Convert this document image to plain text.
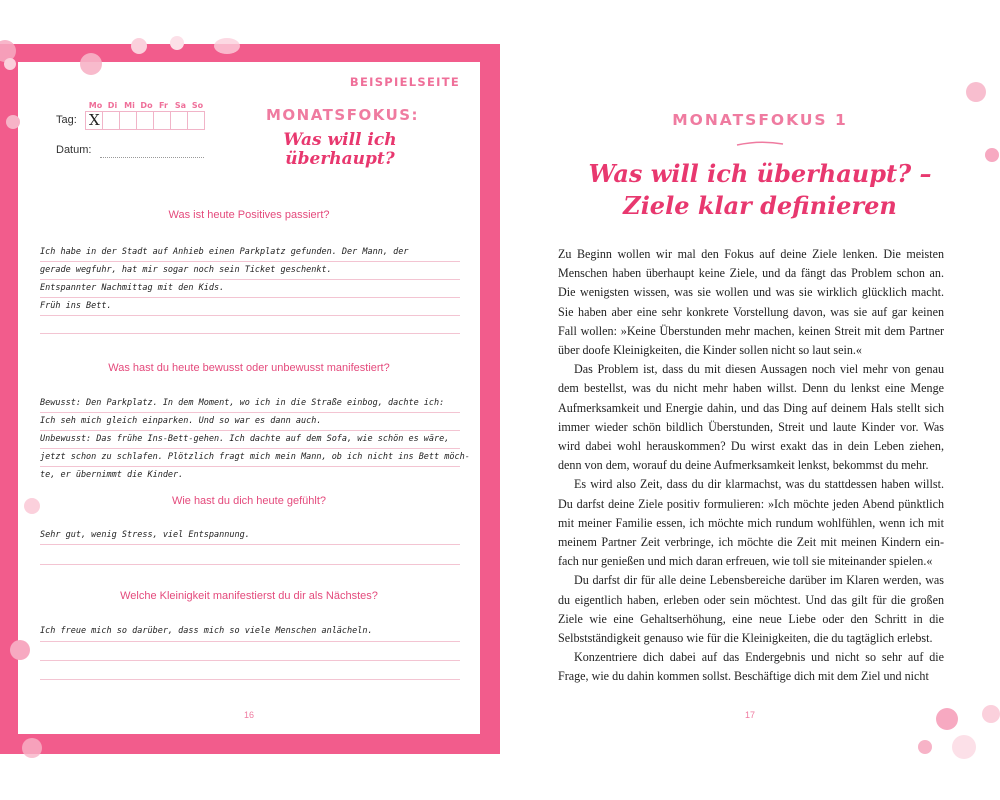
BEISPIELSEITE
Mo Di Mi Do Fr Sa So
Tag:
X
Datum:
MONATSFOKUS:
Was will ich
überhaupt?
Was ist heute Positives passiert?
Ich habe in der Stadt auf Anhieb einen Parkplatz gefunden. Der Mann, der
gerade wegfuhr, hat mir sogar noch sein Ticket geschenkt.
Entspannter Nachmittag mit den Kids.
Früh ins Bett.
Was hast du heute bewusst oder unbewusst manifestiert?
Bewusst: Den Parkplatz. In dem Moment, wo ich in die Straße einbog, dachte ich:
Ich seh mich gleich einparken. Und so war es dann auch.
Unbewusst: Das frühe Ins-Bett-gehen. Ich dachte auf dem Sofa, wie schön es wäre,
jetzt schon zu schlafen. Plötzlich fragt mich mein Mann, ob ich nicht ins Bett möch-
te, er übernimmt die Kinder.
Wie hast du dich heute gefühlt?
Sehr gut, wenig Stress, viel Entspannung.
Welche Kleinigkeit manifestierst du dir als Nächstes?
Ich freue mich so darüber, dass mich so viele Menschen anlächeln.
16
MONATSFOKUS 1
Was will ich überhaupt? –
Ziele klar definieren

Zu Beginn wollen wir mal den Fokus auf deine Ziele lenken. Die meisten Menschen haben überhaupt keine Ziele, und da fängt das Problem schon an. Die wenigsten wissen, was sie wollen und was sie wirklich glücklich macht. Sie haben aber eine sehr konkrete Vorstellung davon, was sie auf gar keinen Fall wollen: »Keine Überstunden mehr machen, keinen Streit mit dem Partner über doofe Kleinigkeiten, die Kinder sollen nicht so laut sein.«

Das Problem ist, dass du mit diesen Aussagen noch viel mehr von genau dem bestellst, was du nicht mehr haben willst. Denn du lenkst eine Menge Aufmerksamkeit und Energie dahin, und das Ding auf deinem Hals stellt sich immer wieder schön bildlich Überstunden, Streit und laute Kinder vor. Was wird dabei wohl herauskommen? Du wirst exakt das in dein Leben ziehen, denn von dem, worauf du deine Aufmerksamkeit lenkst, bekommst du mehr.

Es wird also Zeit, dass du dir klarmachst, was du stattdessen haben willst. Du darfst deine Ziele positiv formulieren: »Ich möchte jeden Abend pünktlich mit meiner Familie essen, ich möchte mich rundum wohlfühlen, wenn ich mit meinem Partner Zeit verbringe, ich möchte die Zeit mit meinen Kindern einfach nur genießen und mich daran erfreuen, wie toll sie miteinander spielen.«

Du darfst dir für alle deine Lebensbereiche darüber im Klaren werden, was du eigentlich haben, erleben oder sein möchtest. Und das gilt für die großen Ziele wie eine Gehaltserhöhung, eine neue Liebe oder den Schritt in die Selbstständigkeit genauso wie für die Kleinigkeiten, die du tagtäglich erlebst.

Konzentriere dich dabei auf das Endergebnis und nicht so sehr auf die Frage, wie du dahin kommen sollst. Beschäftige dich mit dem Ziel und nicht

17
